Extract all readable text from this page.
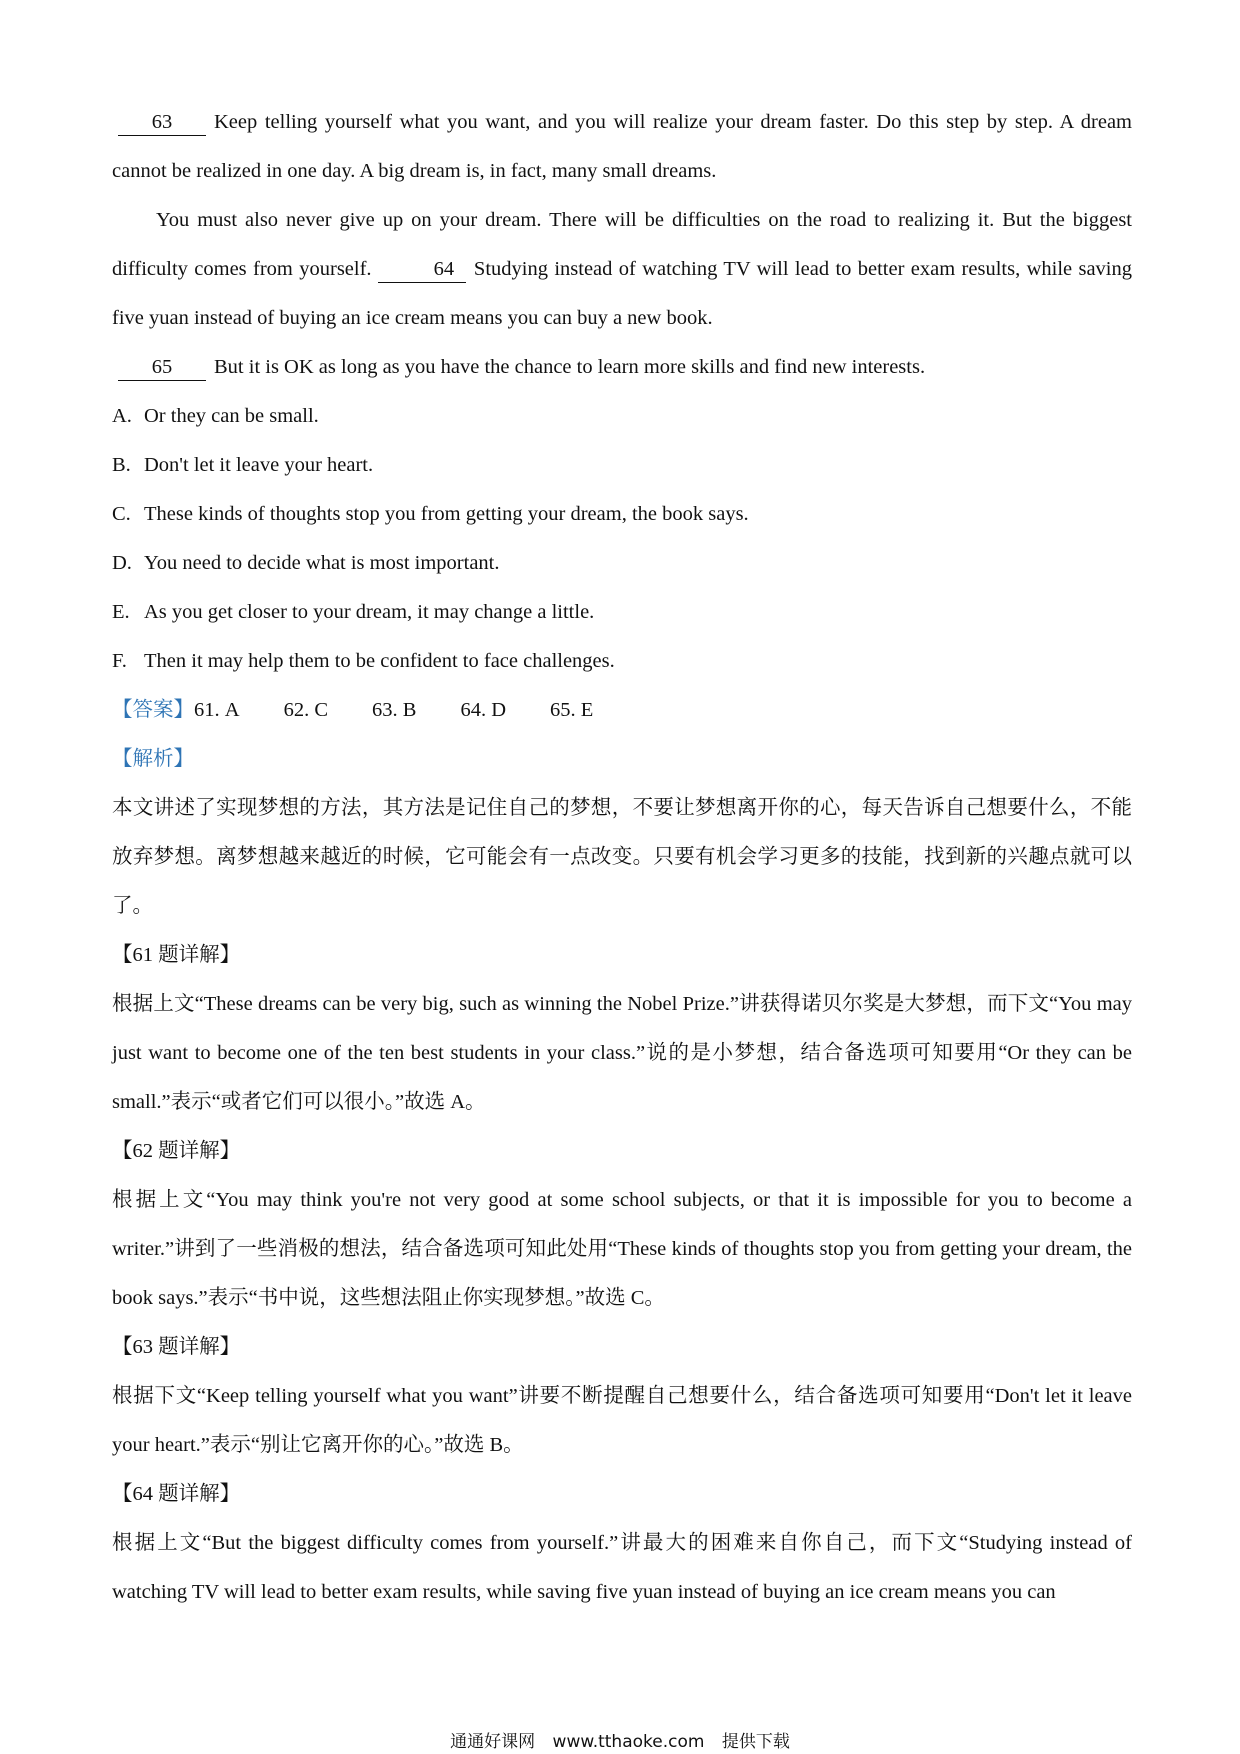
63 Keep telling yourself what you want, and you will realize your dream faster. Do this step by step. A dream cannot be realized in one day. A big dream is, in fact, many small dreams.

You must also never give up on your dream. There will be difficulties on the road to realizing it. But the biggest difficulty comes from yourself.	64 Studying instead of watching TV will lead to better exam results, while saving five yuan instead of buying an ice cream means you can buy a new book.

65 But it is OK as long as you have the chance to learn more skills and find new interests.

A. Or they can be small.

B. Don't let it leave your heart.

C. These kinds of thoughts stop you from getting your dream, the book says.

D. You need to decide what is most important.

E. As you get closer to your dream, it may change a little.

F. Then it may help them to be confident to face challenges.

【答案】61. A 62. C 63. B 64. D 65. E

【解析】

本文讲述了实现梦想的方法，其方法是记住自己的梦想，不要让梦想离开你的心，每天告诉自己想要什么，不能放弃梦想。离梦想越来越近的时候，它可能会有一点改变。只要有机会学习更多的技能，找到新的兴趣点就可以了。

【61 题详解】

根据上文“These dreams can be very big, such as winning the Nobel Prize.”讲获得诺贝尔奖是大梦想，而下文“You may just want to become one of the ten best students in your class.”说的是小梦想，结合备选项可知要用“Or they can be small.”表示“或者它们可以很小。”故选 A。

【62 题详解】

根据上文“You may think you're not very good at some school subjects, or that it is impossible for you to become a writer.”讲到了一些消极的想法，结合备选项可知此处用“These kinds of thoughts stop you from getting your dream, the book says.”表示“书中说，这些想法阻止你实现梦想。”故选 C。

【63 题详解】

根据下文“Keep telling yourself what you want”讲要不断提醒自己想要什么，结合备选项可知要用“Don't let it leave your heart.”表示“别让它离开你的心。”故选 B。

【64 题详解】

根据上文“But the biggest difficulty comes from yourself.”讲最大的困难来自你自己，而下文“Studying instead of watching TV will lead to better exam results, while saving five yuan instead of buying an ice cream means you can

通通好课网 www.tthaoke.com 提供下载
